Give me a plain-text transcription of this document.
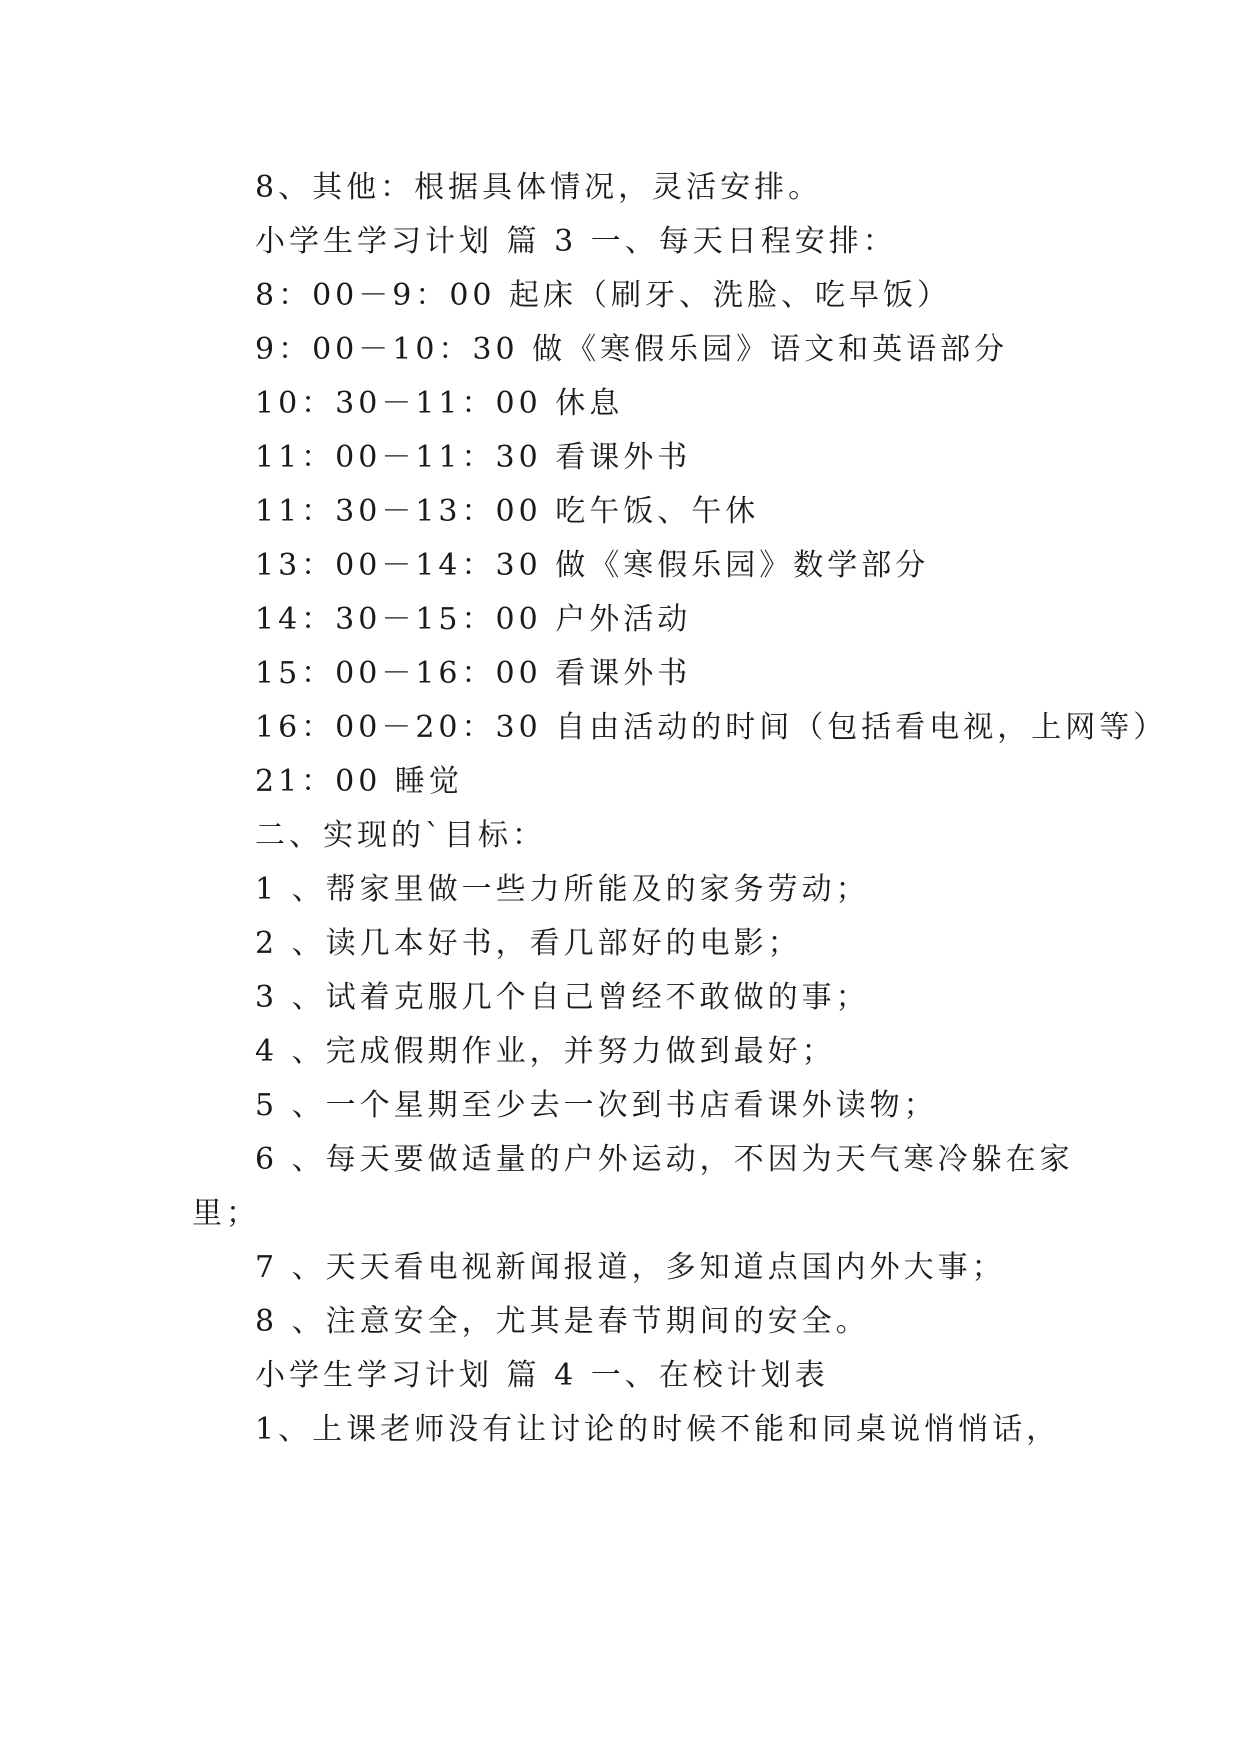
8、其他：根据具体情况，灵活安排。

小学生学习计划 篇 3 一、每天日程安排：

8：00－9：00 起床（刷牙、洗脸、吃早饭）

9：00－10：30 做《寒假乐园》语文和英语部分

10：30－11：00 休息

11：00－11：30 看课外书

11：30－13：00 吃午饭、午休

13：00－14：30 做《寒假乐园》数学部分

14：30－15：00 户外活动

15：00－16：00 看课外书

16：00－20：30 自由活动的时间（包括看电视，上网等）

21：00 睡觉

二、实现的`目标：

1 、帮家里做一些力所能及的家务劳动；

2 、读几本好书，看几部好的电影；

3 、试着克服几个自己曾经不敢做的事；

4 、完成假期作业，并努力做到最好；

5 、一个星期至少去一次到书店看课外读物；

6 、每天要做适量的户外运动，不因为天气寒冷躲在家

里；

7 、天天看电视新闻报道，多知道点国内外大事；

8 、注意安全，尤其是春节期间的安全。

小学生学习计划 篇 4 一、在校计划表

1、上课老师没有让讨论的时候不能和同桌说悄悄话，
